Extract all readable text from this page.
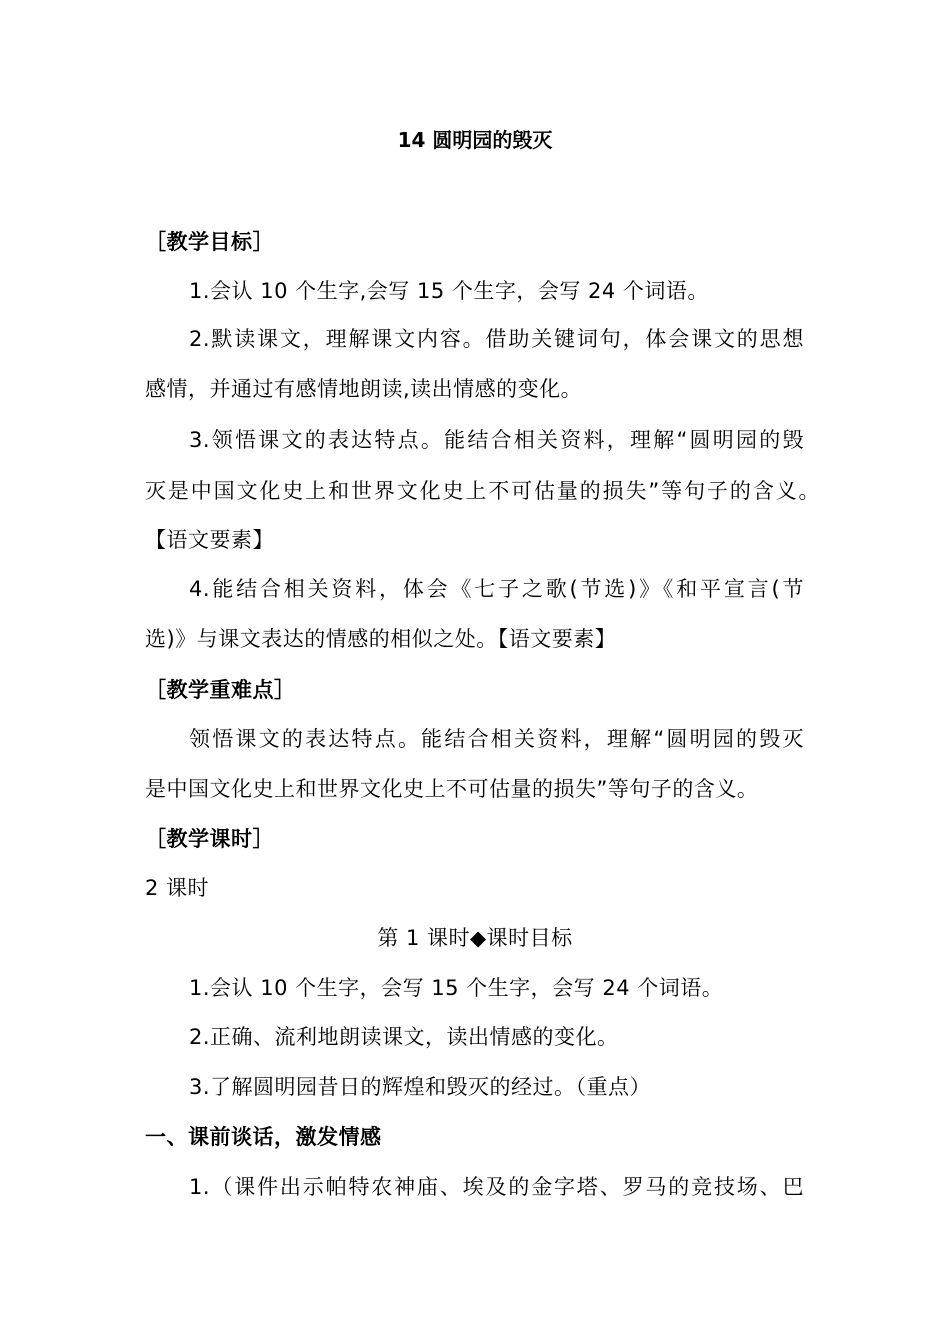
14 圆明园的毁灭
［教学目标］
1.会认 10 个生字,会写 15 个生字，会写 24 个词语。
2.默读课文，理解课文内容。借助关键词句，体会课文的思想
感情，并通过有感情地朗读,读出情感的变化。
3.领悟课文的表达特点。能结合相关资料，理解“圆明园的毁
灭是中国文化史上和世界文化史上不可估量的损失”等句子的含义。
【语文要素】
4.能结合相关资料，体会《七子之歌(节选)》《和平宣言(节
选)》与课文表达的情感的相似之处。【语文要素】
［教学重难点］
领悟课文的表达特点。能结合相关资料，理解“圆明园的毁灭
是中国文化史上和世界文化史上不可估量的损失”等句子的含义。
［教学课时］
2 课时
第 1 课时◆课时目标
1.会认 10 个生字，会写 15 个生字，会写 24 个词语。
2.正确、流利地朗读课文，读出情感的变化。
3.了解圆明园昔日的辉煌和毁灭的经过。（重点）
一、课前谈话，激发情感
1.（课件出示帕特农神庙、埃及的金字塔、罗马的竞技场、巴
